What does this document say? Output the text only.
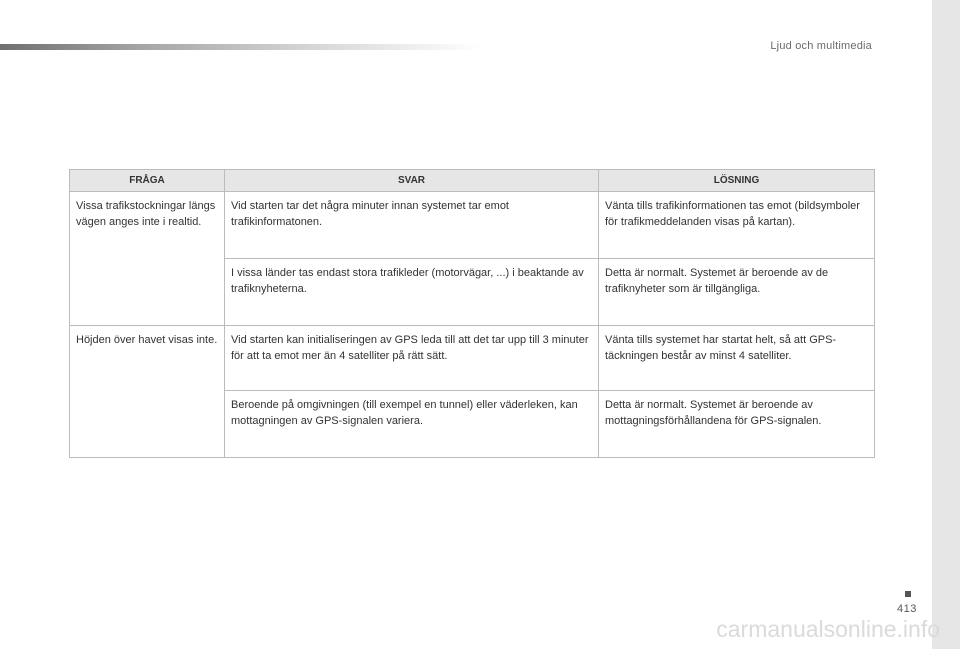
Ljud och multimedia
FRÅGA	SVAR	LÖSNING
Vissa trafikstockningar längs vägen anges inte i realtid.	Vid starten tar det några minuter innan systemet tar emot trafikinformatonen.	Vänta tills trafikinformationen tas emot (bildsymboler för trafikmeddelanden visas på kartan).
	I vissa länder tas endast stora trafikleder (motorvägar, ...) i beaktande av trafiknyheterna.	Detta är normalt. Systemet är beroende av de trafiknyheter som är tillgängliga.
Höjden över havet visas inte.	Vid starten kan initialiseringen av GPS leda till att det tar upp till 3 minuter för att ta emot mer än 4 satelliter på rätt sätt.	Vänta tills systemet har startat helt, så att GPS-täckningen består av minst 4 satelliter.
	Beroende på omgivningen (till exempel en tunnel) eller väderleken, kan mottagningen av GPS-signalen variera.	Detta är normalt. Systemet är beroende av mottagningsförhållandena för GPS-signalen.
413
carmanualsonline.info
